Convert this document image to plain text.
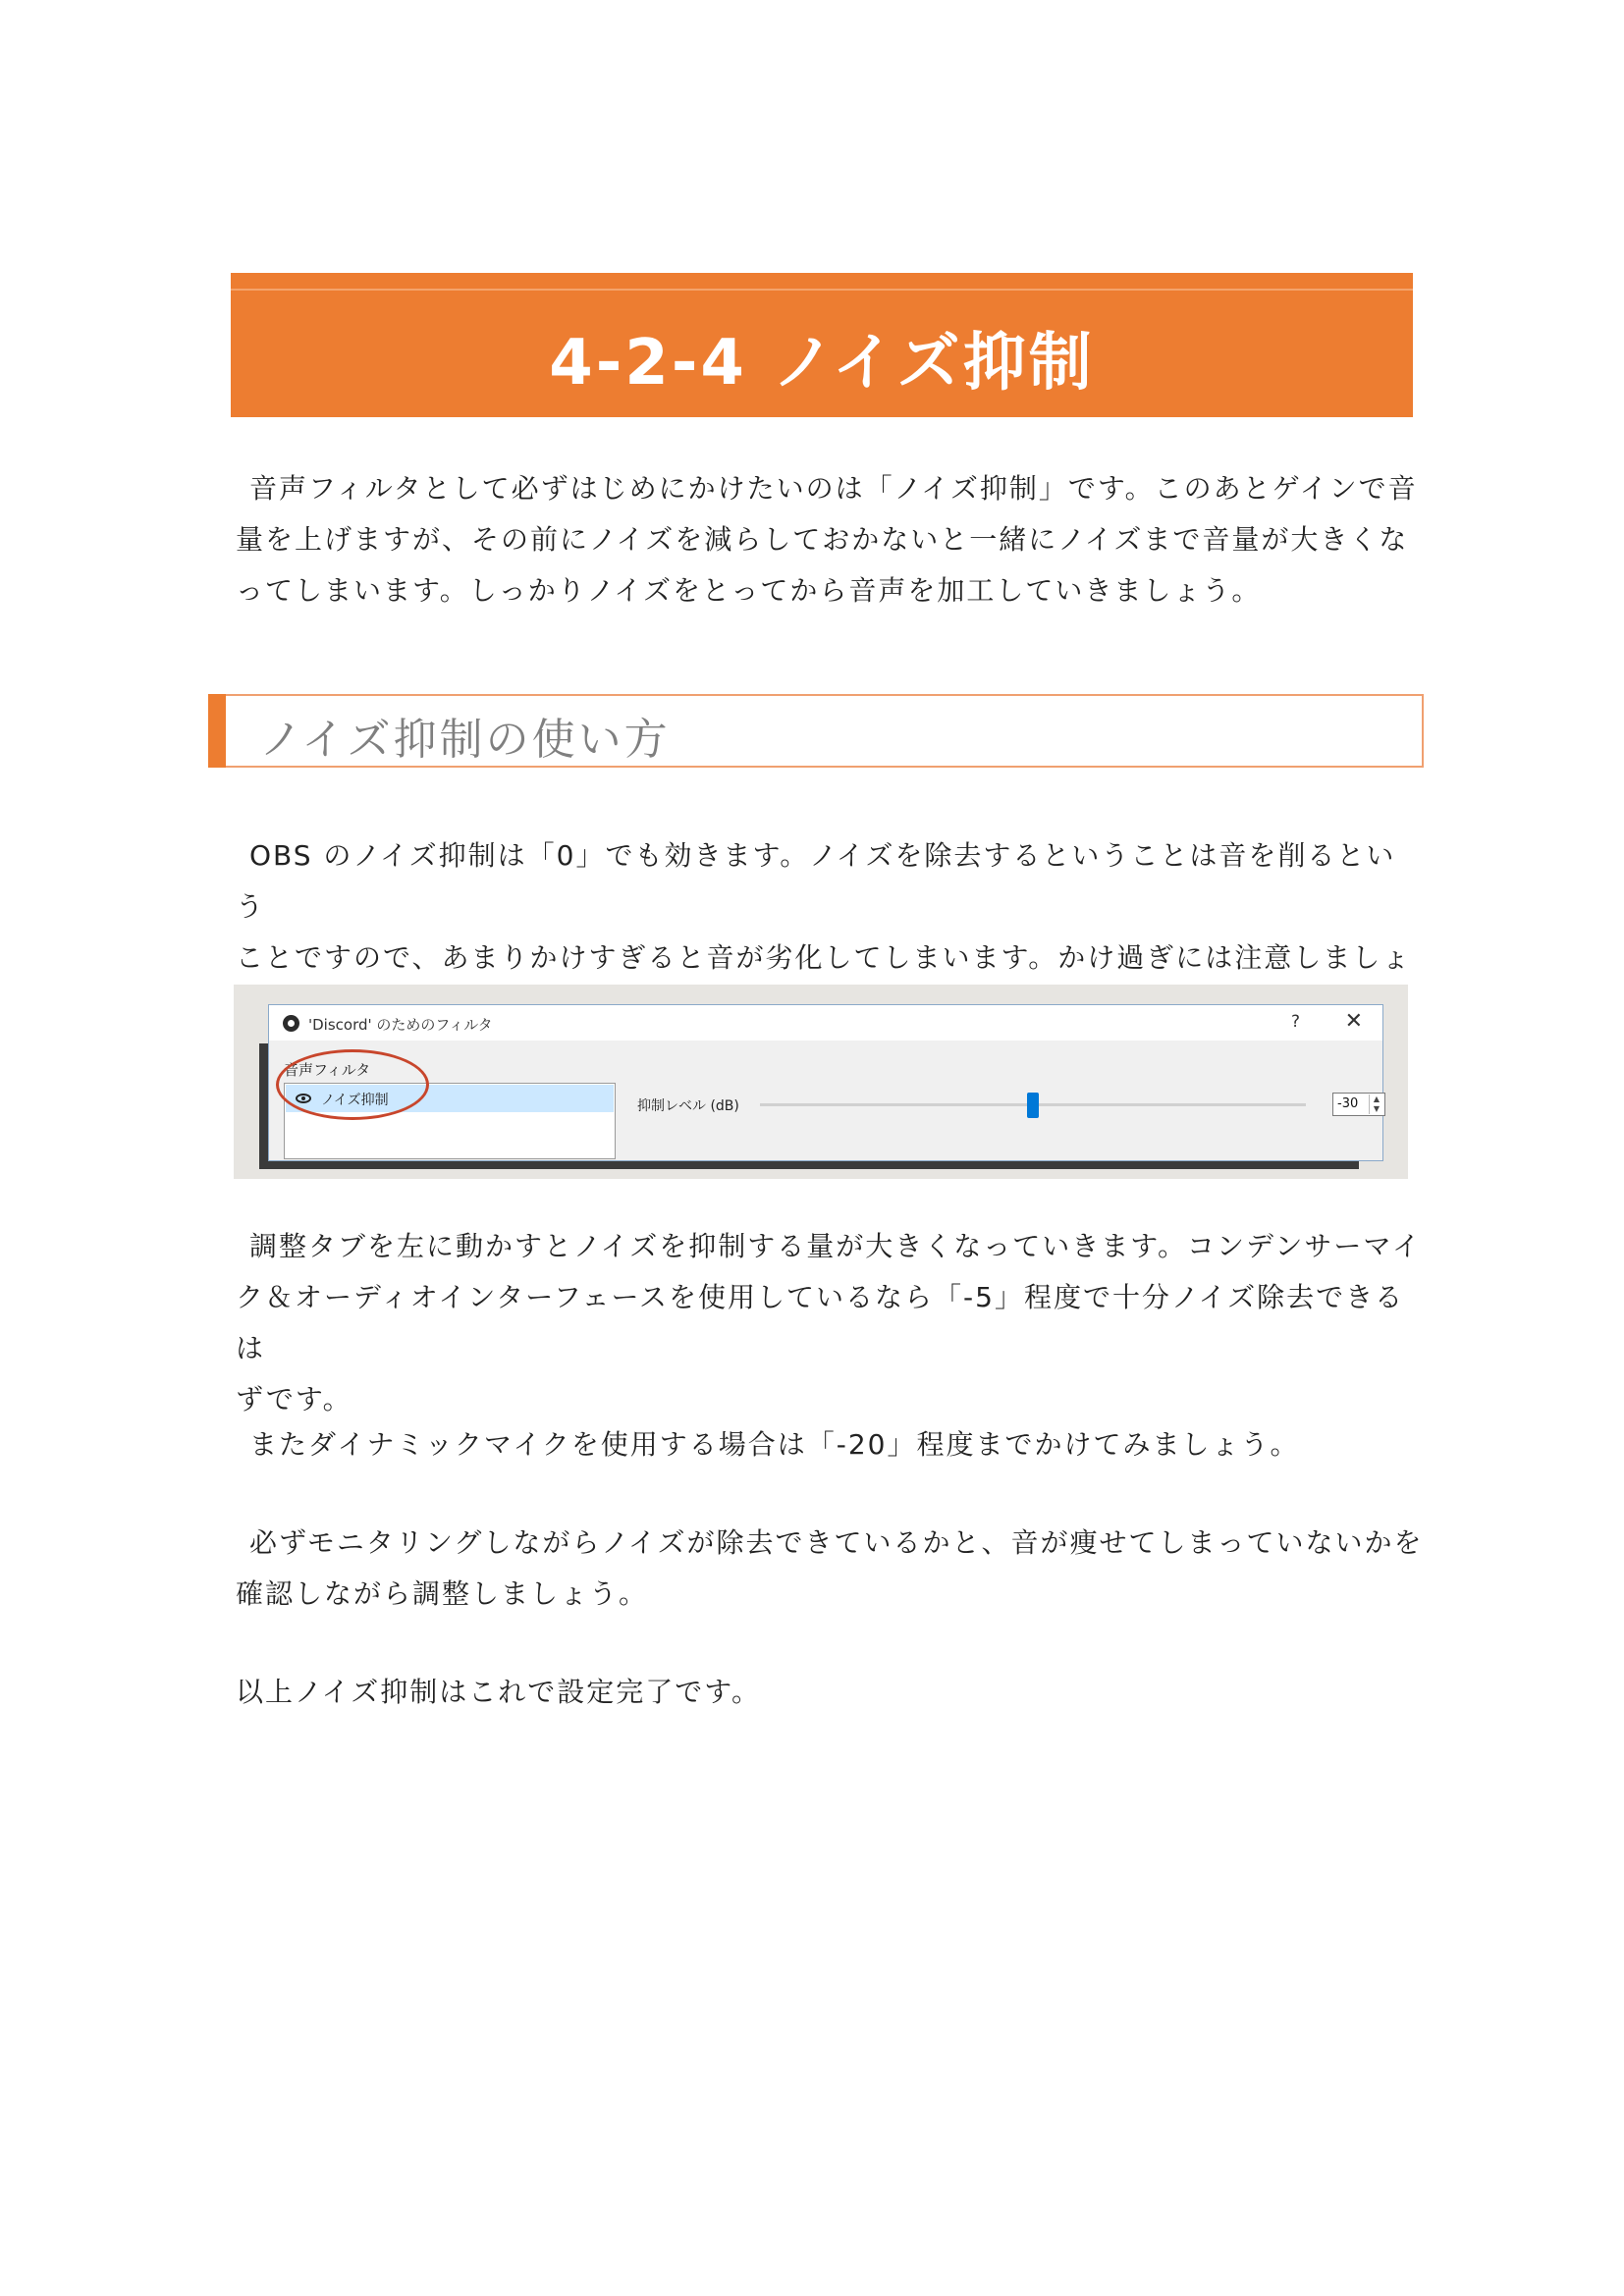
4-2-4 ノイズ抑制
音声フィルタとして必ずはじめにかけたいのは「ノイズ抑制」です。このあとゲインで音
量を上げますが、その前にノイズを減らしておかないと一緒にノイズまで音量が大きくな
ってしまいます。しっかりノイズをとってから音声を加工していきましょう。
ノイズ抑制の使い方
OBS のノイズ抑制は「0」でも効きます。ノイズを除去するということは音を削るという
ことですので、あまりかけすぎると音が劣化してしまいます。かけ過ぎには注意しましょ
'Discord' のためのフィルタ	? ✕
音声フィルタ
ノイズ抑制	抑制レベル (dB)	-30	▲
▼
調整タブを左に動かすとノイズを抑制する量が大きくなっていきます。コンデンサーマイ
ク＆オーディオインターフェースを使用しているなら「-5」程度で十分ノイズ除去できるは
ずです。
またダイナミックマイクを使用する場合は「-20」程度までかけてみましょう。
必ずモニタリングしながらノイズが除去できているかと、音が痩せてしまっていないかを
確認しながら調整しましょう。
以上ノイズ抑制はこれで設定完了です。
